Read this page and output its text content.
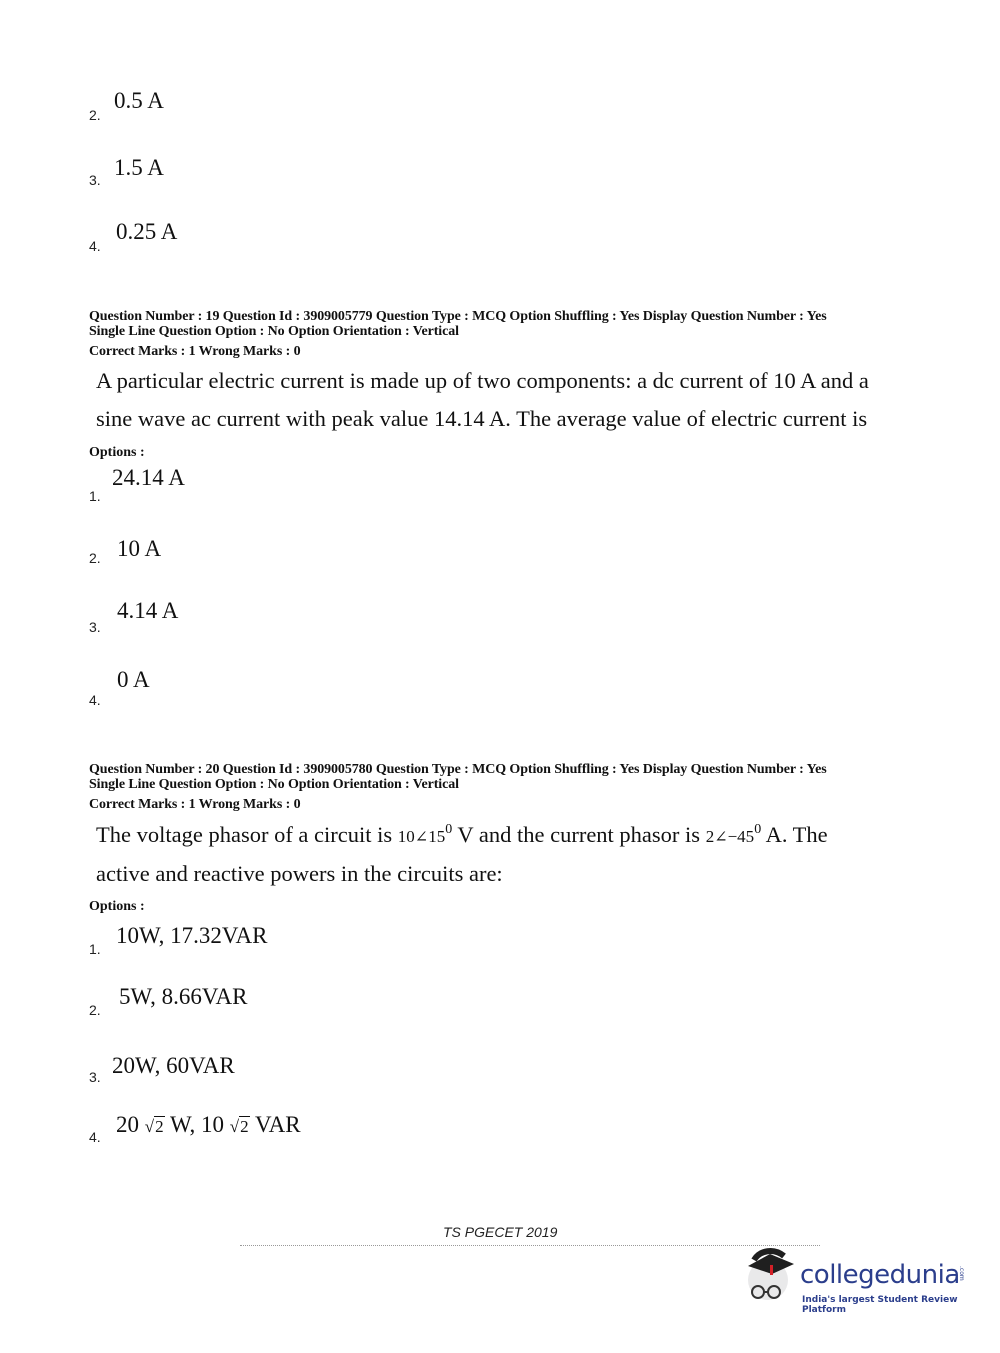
2.
0.5 A
3. 1.5 A
4.
0.25 A
Question Number : 19 Question Id : 3909005779 Question Type : MCQ Option Shuffling : Yes Display Question Number : Yes
Single Line Question Option : No Option Orientation : Vertical
Correct Marks : 1 Wrong Marks : 0
A particular electric current is made up of two components: a dc current of 10 A and a
sine wave ac current with peak value 14.14 A. The average value of electric current is
Options :
1.
24.14 A
2. 10 A
3.
4.14 A
4.
0 A
Question Number : 20 Question Id : 3909005780 Question Type : MCQ Option Shuffling : Yes Display Question Number : Yes
Single Line Question Option : No Option Orientation : Vertical
Correct Marks : 1 Wrong Marks : 0
The voltage phasor of a circuit is $10\angle 15^0$ V and the current phasor is $2\angle-45^0$ A. The
active and reactive powers in the circuits are:
Options :
1.
10W, 17.32VAR
2.
5W, 8.66VAR
3. 20W, 60VAR
4. 20 √2 W, 10 √2 VAR
TS PGECET 2019
collegedunia
.com
India's largest Student Review Platform
